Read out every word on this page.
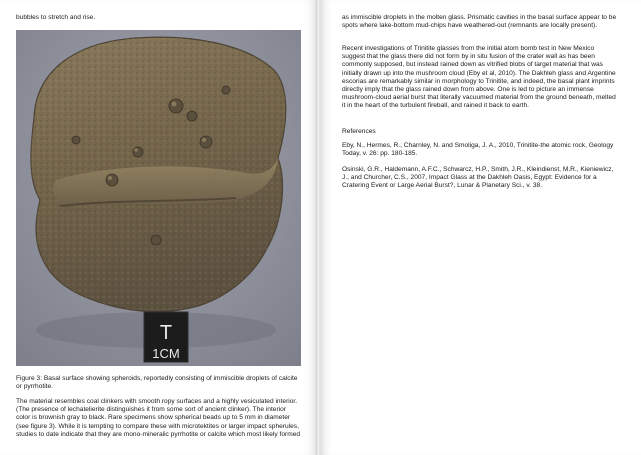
bubbles to stretch and rise.

T
1CM

Figure 3: Basal surface showing spheroids, reportedly consisting of immiscible droplets of calcite or pyrrhotite.

The material resembles coal clinkers with smooth ropy surfaces and a highly vesiculated interior. (The presence of lechatelierite distinguishes it from some sort of ancient clinker). The interior color is brownish gray to black. Rare specimens show spherical beads up to 5 mm in diameter (see figure 3). While it is tempting to compare these with microtektites or larger impact spherules, studies to date indicate that they are mono-mineralic pyrrhotite or calcite which most likely formed

as immiscible droplets in the molten glass. Prismatic cavities in the basal surface appear to be spots where lake-bottom mud-chips have weathered-out (remnants are locally present).

Recent investigations of Trinitite glasses from the initial atom bomb test in New Mexico suggest that the glass there did not form by in situ fusion of the crater wall as has been commonly supposed, but instead rained down as vitrified blobs of target material that was initially drawn up into the mushroom cloud (Eby et al, 2010). The Dakhleh glass and Argentine escorias are remarkably similar in morphology to Trinitite, and indeed, the basal plant imprints directly imply that the glass rained down from above. One is led to picture an immense mushroom-cloud aerial burst that literally vacuumed material from the ground beneath, melted it in the heart of the turbulent fireball, and rained it back to earth.

References

Eby, N., Hermes, R., Charnley, N. and Smoliga, J. A., 2010, Trinitite-the atomic rock, Geology Today, v. 26: pp. 180-185.

Osinski, G.R., Haldemann, A.F.C., Schwarcz, H.P., Smith, J.R., Kleindienst, M.R., Kieniewicz, J., and Churcher, C.S., 2007, Impact Glass at the Dakhleh Oasis, Egypt: Evidence for a Cratering Event or Large Aerial Burst?, Lunar & Planetary Sci., v. 38.
